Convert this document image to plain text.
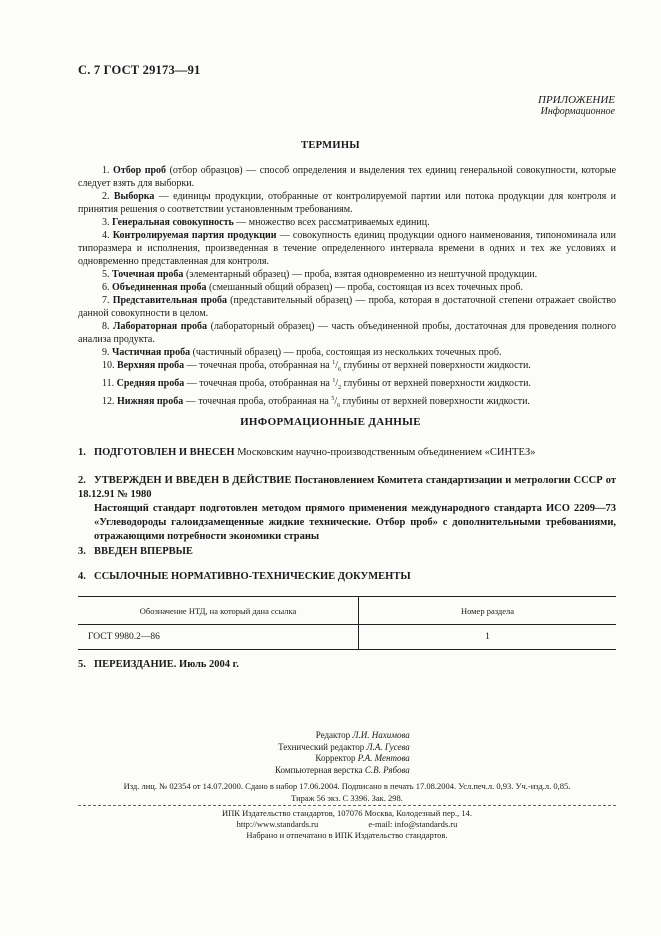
С. 7 ГОСТ 29173—91
ПРИЛОЖЕНИЕ
Информационное
ТЕРМИНЫ

1. Отбор проб (отбор образцов) — способ определения и выделения тех единиц генеральной совокупности, которые следует взять для выборки.

2. Выборка — единицы продукции, отобранные от контролируемой партии или потока продукции для контроля и принятия решения о соответствии установленным требованиям.

3. Генеральная совокупность — множество всех рассматриваемых единиц.

4. Контролируемая партия продукции — совокупность единиц продукции одного наименования, типономинала или типоразмера и исполнения, произведенная в течение определенного интервала времени в одних и тех же условиях и одновременно представленная для контроля.

5. Точечная проба (элементарный образец) — проба, взятая одновременно из нештучной продукции.

6. Объединенная проба (смешанный общий образец) — проба, состоящая из всех точечных проб.

7. Представительная проба (представительный образец) — проба, которая в достаточной степени отражает свойство данной совокупности в целом.

8. Лабораторная проба (лабораторный образец) — часть объединенной пробы, достаточная для проведения полного анализа продукта.

9. Частичная проба (частичный образец) — проба, состоящая из нескольких точечных проб.

10. Верхняя проба — точечная проба, отобранная на $^1/_6$ глубины от верхней поверхности жидкости.

11. Средняя проба — точечная проба, отобранная на $^1/_2$ глубины от верхней поверхности жидкости.

12. Нижняя проба — точечная проба, отобранная на $^5/_6$ глубины от верхней поверхности жидкости.

ИНФОРМАЦИОННЫЕ ДАННЫЕ
1. ПОДГОТОВЛЕН И ВНЕСЕН Московским научно-производственным объединением «СИНТЕЗ»
2. УТВЕРЖДЕН И ВВЕДЕН В ДЕЙСТВИЕ Постановлением Комитета стандартизации и метрологии СССР от 18.12.91 № 1980
Настоящий стандарт подготовлен методом прямого применения международного стандарта ИСО 2209—73 «Углеводороды галоидзамещенные жидкие технические. Отбор проб» с дополнительными требованиями, отражающими потребности экономики страны
3. ВВЕДЕН ВПЕРВЫЕ
4. ССЫЛОЧНЫЕ НОРМАТИВНО-ТЕХНИЧЕСКИЕ ДОКУМЕНТЫ
Обозначение НТД, на который дана ссылка	Номер раздела
ГОСТ 9980.2—86	1
5. ПЕРЕИЗДАНИЕ. Июль 2004 г.
Редактор Л.И. Нахимова
Технический редактор Л.А. Гусева
Корректор Р.А. Ментова
Компьютерная верстка С.В. Рябова
Изд. лиц. № 02354 от 14.07.2000. Сдано в набор 17.06.2004. Подписано в печать 17.08.2004. Усл.печ.л. 0,93. Уч.-изд.л. 0,85.
Тираж 56 экз. С 3396. Зак. 298.
ИПК Издательство стандартов, 107076 Москва, Колодезный пер., 14.
http://www.standards.ru	e-mail: info@standards.ru
Набрано и отпечатано в ИПК Издательство стандартов.
